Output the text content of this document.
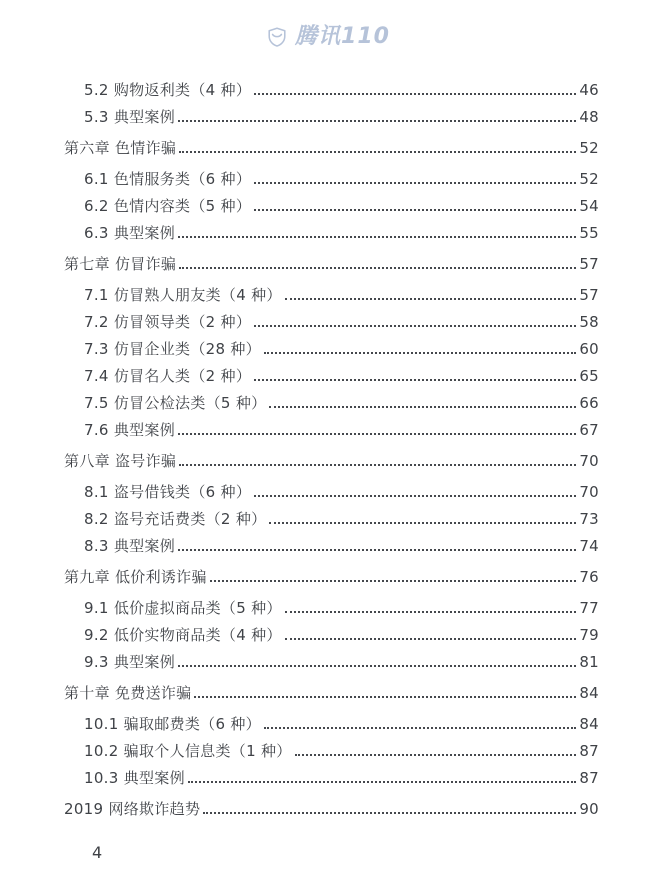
腾讯110
5.2 购物返利类（4 种）	46
5.3 典型案例	48
第六章 色情诈骗	52
6.1 色情服务类（6 种）	52
6.2 色情内容类（5 种）	54
6.3 典型案例	55
第七章 仿冒诈骗	57
7.1 仿冒熟人朋友类（4 种）	57
7.2 仿冒领导类（2 种）	58
7.3 仿冒企业类（28 种）	60
7.4 仿冒名人类（2 种）	65
7.5 仿冒公检法类（5 种）	66
7.6 典型案例	67
第八章 盗号诈骗	70
8.1 盗号借钱类（6 种）	70
8.2 盗号充话费类（2 种）	73
8.3 典型案例	74
第九章 低价利诱诈骗	76
9.1 低价虚拟商品类（5 种）	77
9.2 低价实物商品类（4 种）	79
9.3 典型案例	81
第十章 免费送诈骗	84
10.1 骗取邮费类（6 种）	84
10.2 骗取个人信息类（1 种）	87
10.3 典型案例	87
2019 网络欺诈趋势	90
4
